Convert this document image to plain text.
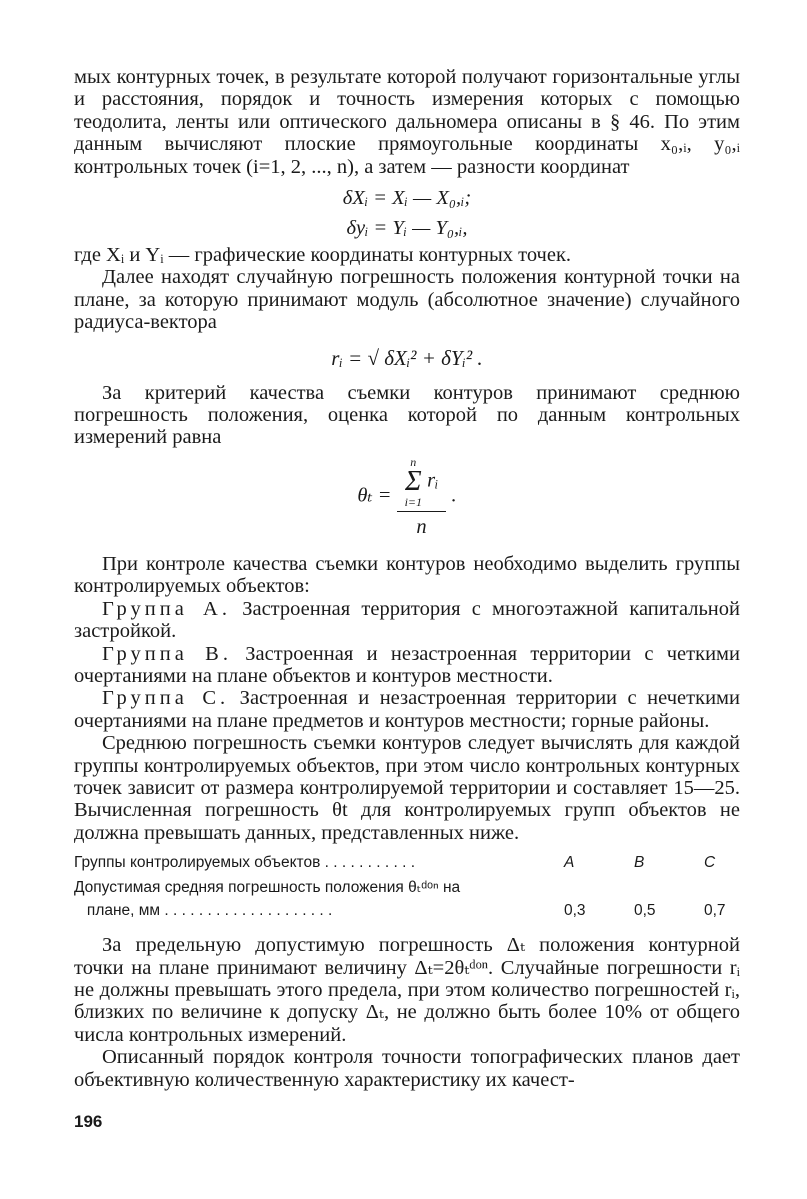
мых контурных точек, в результате которой получают горизонтальные углы и расстояния, порядок и точность измерения которых с помощью теодолита, ленты или оптического дальномера описаны в § 46. По этим данным вычисляют плоские прямоугольные координаты x₀,ᵢ, y₀,ᵢ контрольных точек (i=1, 2, ..., n), а затем — разности координат

δXᵢ = Xᵢ — X₀,ᵢ;
δyᵢ = Yᵢ — Y₀,ᵢ,

где Xᵢ и Yᵢ — графические координаты контурных точек.

Далее находят случайную погрешность положения контурной точки на плане, за которую принимают модуль (абсолютное значение) случайного радиуса-вектора

rᵢ = √ δXᵢ² + δYᵢ² .

За критерий качества съемки контуров принимают среднюю погрешность положения, оценка которой по данным контрольных измерений равна

θₜ = n
Σ
i=1
rᵢ
n .

При контроле качества съемки контуров необходимо выделить группы контролируемых объектов:

Группа A. Застроенная территория с многоэтажной капитальной застройкой.

Группа B. Застроенная и незастроенная территории с четкими очертаниями на плане объектов и контуров местности.

Группа C. Застроенная и незастроенная территории с нечеткими очертаниями на плане предметов и контуров местности; горные районы.

Среднюю погрешность съемки контуров следует вычислять для каждой группы контролируемых объектов, при этом число контрольных контурных точек зависит от размера контролируемой территории и составляет 15—25. Вычисленная погрешность θt для контролируемых групп объектов не должна превышать данных, представленных ниже.

Группы контролируемых объектов . . . . . . . . . . .	A	B	C
Допустимая средняя погрешность положения θₜᵈᵒⁿ на
плане, мм . . . . . . . . . . . . . . . . . . . .	0,3	0,5	0,7

За предельную допустимую погрешность Δₜ положения контурной точки на плане принимают величину Δₜ=2θₜᵈᵒⁿ. Случайные погрешности rᵢ не должны превышать этого предела, при этом количество погрешностей rᵢ, близких по величине к допуску Δₜ, не должно быть более 10% от общего числа контрольных измерений.

Описанный порядок контроля точности топографических планов дает объективную количественную характеристику их качест-

196
